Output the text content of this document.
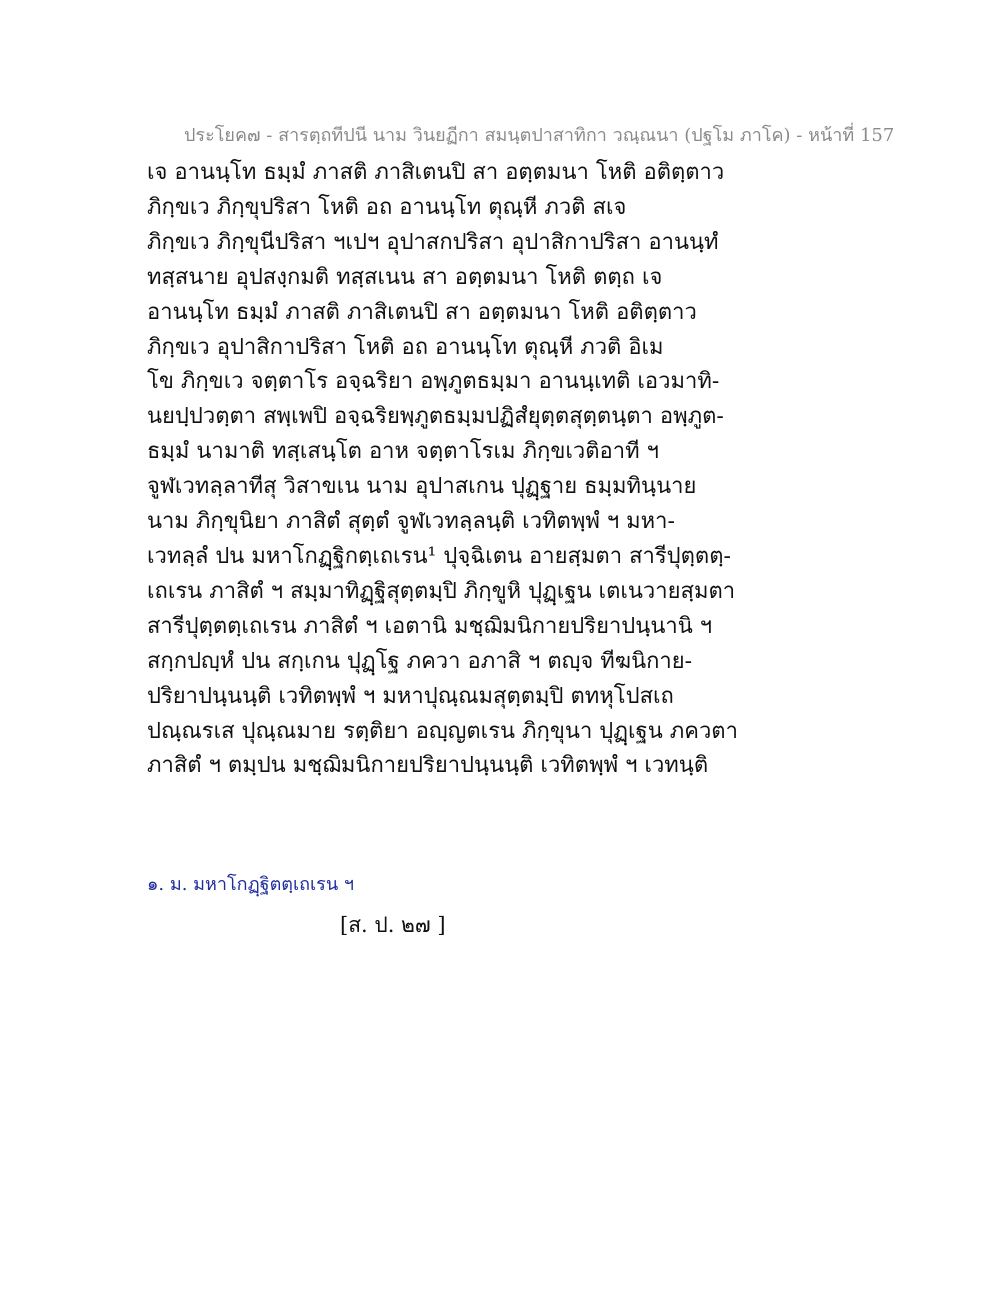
ประโยค๗ - สารตฺถทีปนี นาม วินยฏีกา สมนฺตปาสาทิกา วณฺณนา (ปฐโม ภาโค) - หน้าที่ 157
เจ อานนฺโท ธมฺมํ ภาสติ ภาสิเตนปิ สา อตฺตมนา โหติ อติตฺตาว
ภิกฺขเว ภิกฺขุปริสา โหติ อถ อานนฺโท ตุณฺหี ภวติ สเจ
ภิกฺขเว ภิกฺขุนีปริสา ฯเปฯ อุปาสกปริสา อุปาสิกาปริสา อานนฺทํ
ทสฺสนาย อุปสงฺกมติ ทสฺสเนน สา อตฺตมนา โหติ ตตฺถ เจ
อานนฺโท ธมฺมํ ภาสติ ภาสิเตนปิ สา อตฺตมนา โหติ อติตฺตาว
ภิกฺขเว อุปาสิกาปริสา โหติ อถ อานนฺโท ตุณฺหี ภวติ อิเม
โข ภิกฺขเว จตฺตาโร อจฺฉริยา อพฺภูตธมฺมา อานนฺเทติ เอวมาทิ-
นยปฺปวตฺตา สพฺเพปิ อจฺฉริยพฺภูตธมฺมปฏิสํยุตฺตสุตฺตนฺตา อพฺภูต-
ธมฺมํ นามาติ ทสฺเสนฺโต อาห จตฺตาโรเม ภิกฺขเวติอาที ฯ
จูฬเวทลฺลาทีสุ วิสาขเน นาม อุปาสเกน ปุฏฺฐาย ธมฺมทินฺนาย
นาม ภิกฺขุนิยา ภาสิตํ สุตฺตํ จูฬเวทลฺลนฺติ เวทิตพฺพํ ฯ มหา-
เวทลฺลํ ปน มหาโกฏฺฐิกตฺเถเรน¹ ปุจฺฉิเตน อายสฺมตา สารีปุตฺตตฺ-
เถเรน ภาสิตํ ฯ สมฺมาทิฏฺฐิสุตฺตมฺปิ ภิกฺขูหิ ปุฏฺเฐน เตเนวายสฺมตา
สารีปุตฺตตฺเถเรน ภาสิตํ ฯ เอตานิ มชฺฌิมนิกายปริยาปนฺนานิ ฯ
สกฺกปญฺหํ ปน สกฺเกน ปุฏฺโฐ ภควา อภาสิ ฯ ตญฺจ ทีฆนิกาย-
ปริยาปนฺนนฺติ เวทิตพฺพํ ฯ มหาปุณฺณมสุตฺตมฺปิ ตทหุโปสเถ
ปณฺณรเส ปุณฺณมาย รตฺติยา อญฺญตเรน ภิกฺขุนา ปุฏฺเฐน ภควตา
ภาสิตํ ฯ ตมฺปน มชฺฌิมนิกายปริยาปนฺนนฺติ เวทิตพฺพํ ฯ เวทนฺติ
๑. ม. มหาโกฏฺฐิตตฺเถเรน ฯ
[ส. ป. ๒๗ ]
